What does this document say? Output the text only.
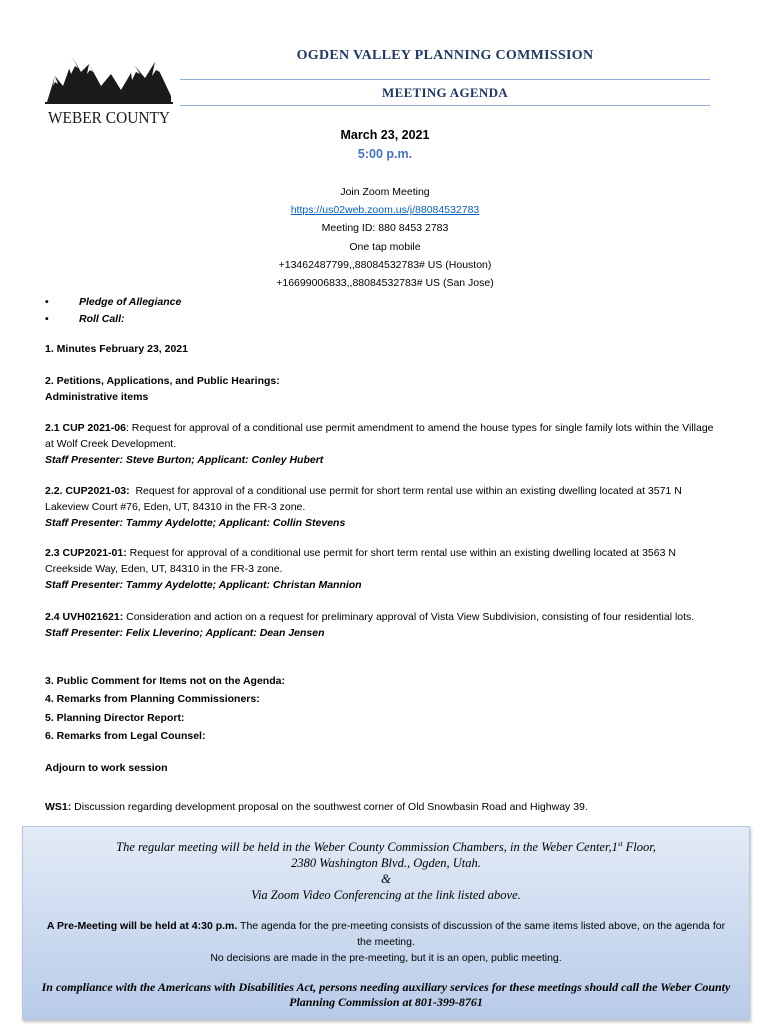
WEBER COUNTY
OGDEN VALLEY PLANNING COMMISSION
MEETING AGENDA
March 23, 2021
5:00 p.m.
Join Zoom Meeting
https://us02web.zoom.us/j/88084532783
Meeting ID: 880 8453 2783
One tap mobile
+13462487799,,88084532783# US (Houston)
+16699006833,,88084532783# US (San Jose)
• Pledge of Allegiance
• Roll Call:
1. Minutes February 23, 2021
2. Petitions, Applications, and Public Hearings:
Administrative items
2.1 CUP 2021-06: Request for approval of a conditional use permit amendment to amend the house types for single family lots within the Village at Wolf Creek Development.
Staff Presenter: Steve Burton; Applicant: Conley Hubert
2.2. CUP2021-03:  Request for approval of a conditional use permit for short term rental use within an existing dwelling located at 3571 N Lakeview Court #76, Eden, UT, 84310 in the FR-3 zone.
Staff Presenter: Tammy Aydelotte; Applicant: Collin Stevens
2.3 CUP2021-01: Request for approval of a conditional use permit for short term rental use within an existing dwelling located at 3563 N Creekside Way, Eden, UT, 84310 in the FR-3 zone.
Staff Presenter: Tammy Aydelotte; Applicant: Christan Mannion
2.4 UVH021621: Consideration and action on a request for preliminary approval of Vista View Subdivision, consisting of four residential lots.
Staff Presenter: Felix Lleverino; Applicant: Dean Jensen
3. Public Comment for Items not on the Agenda:
4. Remarks from Planning Commissioners:
5. Planning Director Report:
6. Remarks from Legal Counsel:
Adjourn to work session
WS1: Discussion regarding development proposal on the southwest corner of Old Snowbasin Road and Highway 39.
The regular meeting will be held in the Weber County Commission Chambers, in the Weber Center,1st Floor,
2380 Washington Blvd., Ogden, Utah.
&
Via Zoom Video Conferencing at the link listed above.
A Pre-Meeting will be held at 4:30 p.m. The agenda for the pre-meeting consists of discussion of the same items listed above, on the agenda for the meeting.
No decisions are made in the pre-meeting, but it is an open, public meeting.
In compliance with the Americans with Disabilities Act, persons needing auxiliary services for these meetings should call the Weber County Planning Commission at 801-399-8761
